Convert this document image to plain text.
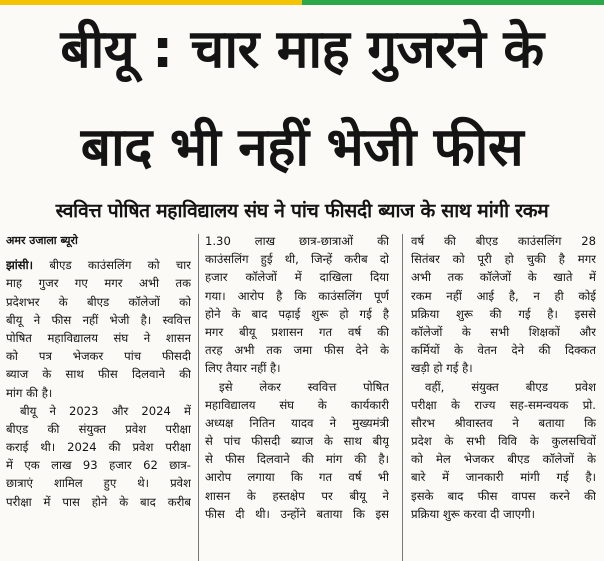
बीयू : चार माह गुजरने के
बाद भी नहीं भेजी फीस
स्ववित्त पोषित महाविद्यालय संघ ने पांच फीसदी ब्याज के साथ मांगी रकम
अमर उजाला ब्यूरो
झांसी। बीएड काउंसलिंग को चार
माह गुजर गए मगर अभी तक
प्रदेशभर के बीएड कॉलेजों को
बीयू ने फीस नहीं भेजी है। स्ववित्त
पोषित महाविद्यालय संघ ने शासन
को पत्र भेजकर पांच फीसदी
ब्याज के साथ फीस दिलवाने की
मांग की है।
बीयू ने 2023 और 2024 में
बीएड की संयुक्त प्रवेश परीक्षा
कराई थी। 2024 की प्रवेश परीक्षा
में एक लाख 93 हजार 62 छात्र-
छात्राएं शामिल हुए थे। प्रवेश
परीक्षा में पास होने के बाद करीब
1.30 लाख छात्र-छात्राओं की
काउंसलिंग हुई थी, जिन्हें करीब दो
हजार कॉलेजों में दाखिला दिया
गया। आरोप है कि काउंसलिंग पूर्ण
होने के बाद पढ़ाई शुरू हो गई है
मगर बीयू प्रशासन गत वर्ष की
तरह अभी तक जमा फीस देने के
लिए तैयार नहीं है।
इसे लेकर स्ववित्त पोषित
महाविद्यालय संघ के कार्यकारी
अध्यक्ष नितिन यादव ने मुख्यमंत्री
से पांच फीसदी ब्याज के साथ बीयू
से फीस दिलवाने की मांग की है।
आरोप लगाया कि गत वर्ष भी
शासन के हस्तक्षेप पर बीयू ने
फीस दी थी। उन्होंने बताया कि इस
वर्ष की बीएड काउंसलिंग 28
सितंबर को पूरी हो चुकी है मगर
अभी तक कॉलेजों के खाते में
रकम नहीं आई है, न ही कोई
प्रक्रिया शुरू की गई है। इससे
कॉलेजों के सभी शिक्षकों और
कर्मियों के वेतन देने की दिक्कत
खड़ी हो गई है।
वहीं, संयुक्त बीएड प्रवेश
परीक्षा के राज्य सह-समन्वयक प्रो.
सौरभ श्रीवास्तव ने बताया कि
प्रदेश के सभी विवि के कुलसचिवों
को मेल भेजकर बीएड कॉलेजों के
बारे में जानकारी मांगी गई है।
इसके बाद फीस वापस करने की
प्रक्रिया शुरू करवा दी जाएगी।
